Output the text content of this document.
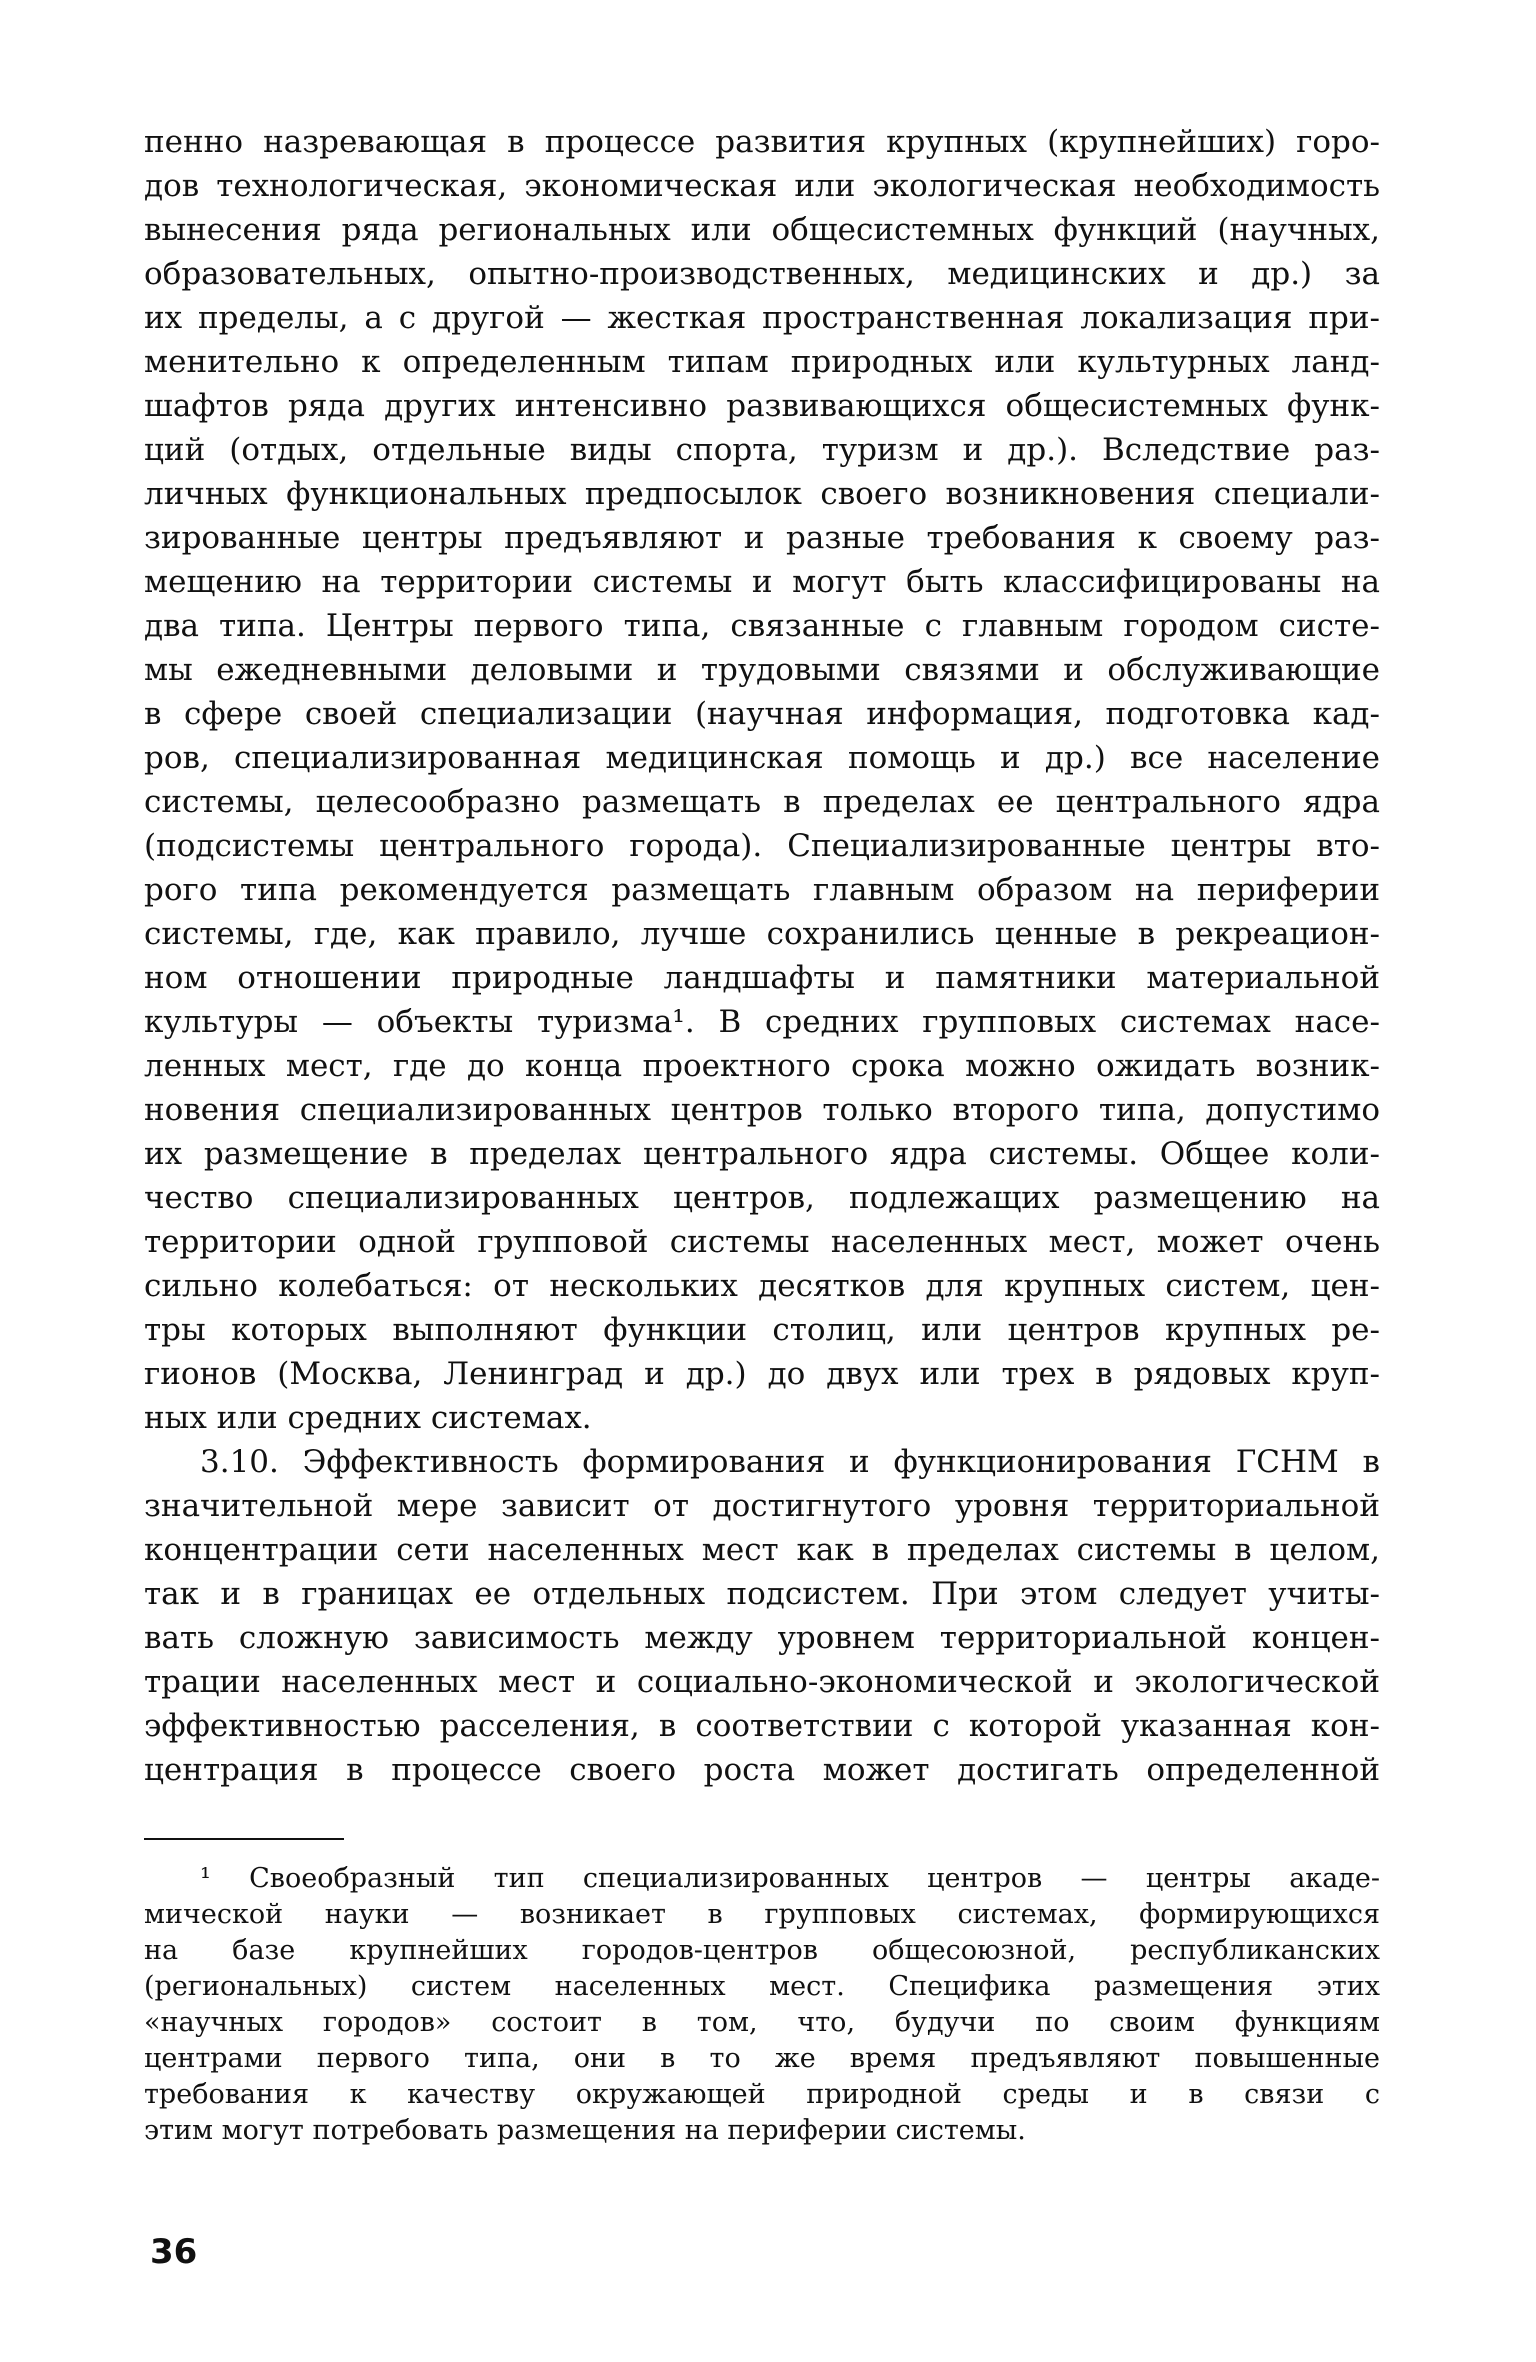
пенно назревающая в процессе развития крупных (крупнейших) горо-
дов технологическая, экономическая или экологическая необходимость
вынесения ряда региональных или общесистемных функций (научных,
образовательных, опытно-производственных, медицинских и др.) за
их пределы, а с другой — жесткая пространственная локализация при-
менительно к определенным типам природных или культурных ланд-
шафтов ряда других интенсивно развивающихся общесистемных функ-
ций (отдых, отдельные виды спорта, туризм и др.). Вследствие раз-
личных функциональных предпосылок своего возникновения специали-
зированные центры предъявляют и разные требования к своему раз-
мещению на территории системы и могут быть классифицированы на
два типа. Центры первого типа, связанные с главным городом систе-
мы ежедневными деловыми и трудовыми связями и обслуживающие
в сфере своей специализации (научная информация, подготовка кад-
ров, специализированная медицинская помощь и др.) все население
системы, целесообразно размещать в пределах ее центрального ядра
(подсистемы центрального города). Специализированные центры вто-
рого типа рекомендуется размещать главным образом на периферии
системы, где, как правило, лучше сохранились ценные в рекреацион-
ном отношении природные ландшафты и памятники материальной
культуры — объекты туризма¹. В средних групповых системах насе-
ленных мест, где до конца проектного срока можно ожидать возник-
новения специализированных центров только второго типа, допустимо
их размещение в пределах центрального ядра системы. Общее коли-
чество специализированных центров, подлежащих размещению на
территории одной групповой системы населенных мест, может очень
сильно колебаться: от нескольких десятков для крупных систем, цен-
тры которых выполняют функции столиц, или центров крупных ре-
гионов (Москва, Ленинград и др.) до двух или трех в рядовых круп-
ных или средних системах.
3.10. Эффективность формирования и функционирования ГСНМ в
значительной мере зависит от достигнутого уровня территориальной
концентрации сети населенных мест как в пределах системы в целом,
так и в границах ее отдельных подсистем. При этом следует учиты-
вать сложную зависимость между уровнем территориальной концен-
трации населенных мест и социально-экономической и экологической
эффективностью расселения, в соответствии с которой указанная кон-
центрация в процессе своего роста может достигать определенной
¹ Своеобразный тип специализированных центров — центры акаде-
мической науки — возникает в групповых системах, формирующихся
на базе крупнейших городов-центров общесоюзной, республиканских
(региональных) систем населенных мест. Специфика размещения этих
«научных городов» состоит в том, что, будучи по своим функциям
центрами первого типа, они в то же время предъявляют повышенные
требования к качеству окружающей природной среды и в связи с
этим могут потребовать размещения на периферии системы.
36
